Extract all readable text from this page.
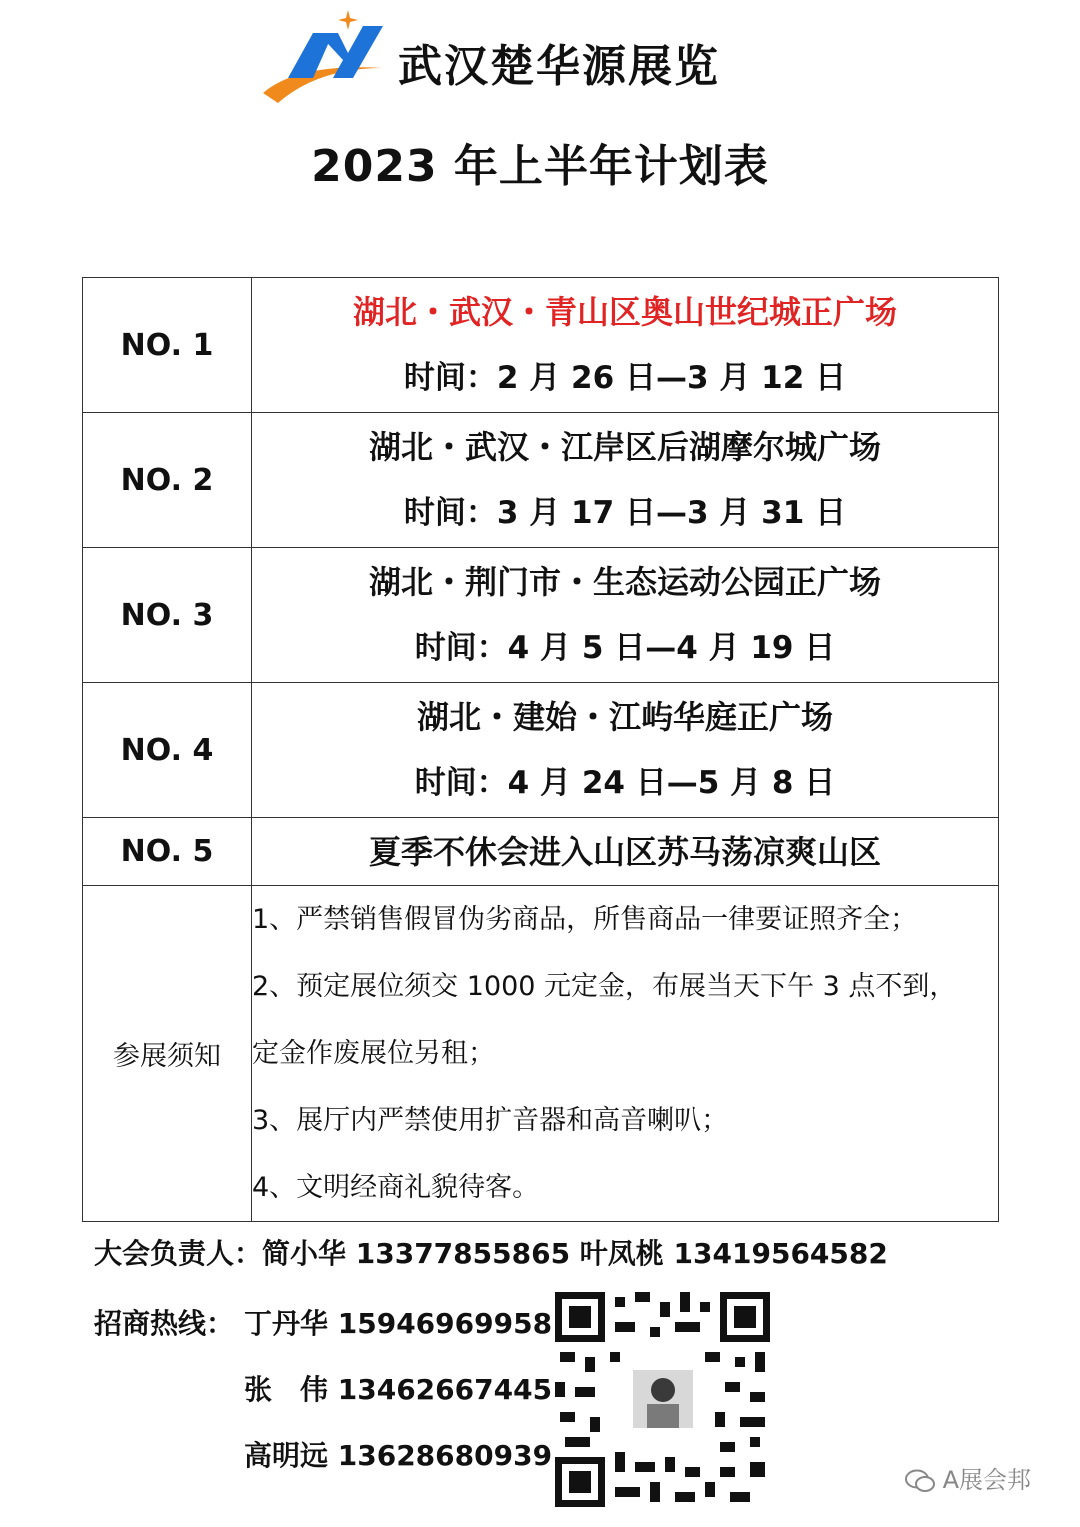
武汉楚华源展览
2023 年上半年计划表
NO. 1	湖北・武汉・青山区奥山世纪城正广场
时间：2 月 26 日—3 月 12 日

NO. 2	湖北・武汉・江岸区后湖摩尔城广场
时间：3 月 17 日—3 月 31 日

NO. 3	湖北・荆门市・生态运动公园正广场
时间：4 月 5 日—4 月 19 日

NO. 4	湖北・建始・江屿华庭正广场
时间：4 月 24 日—5 月 8 日

NO. 5	夏季不休会进入山区苏马荡凉爽山区

参展须知	1、严禁销售假冒伪劣商品，所售商品一律要证照齐全；
2、预定展位须交 1000 元定金，布展当天下午 3 点不到，
定金作废展位另租；
3、展厅内严禁使用扩音器和高音喇叭；
4、文明经商礼貌待客。
大会负责人：简小华 13377855865 叶凤桃 13419564582
招商热线： 丁丹华 15946969958
张　伟 13462667445
高明远 13628680939
A展会邦
